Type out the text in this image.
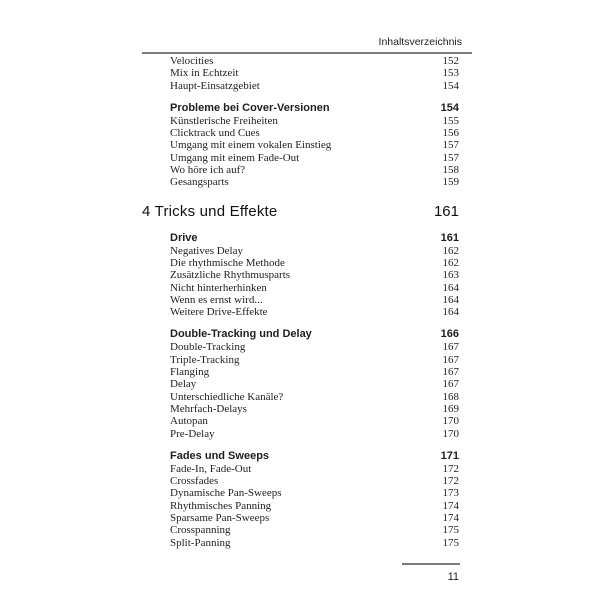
Inhaltsverzeichnis
Velocities	152
Mix in Echtzeit	153
Haupt-Einsatzgebiet	154
Probleme bei Cover-Versionen	154
Künstlerische Freiheiten	155
Clicktrack und Cues	156
Umgang mit einem vokalen Einstieg	157
Umgang mit einem Fade-Out	157
Wo höre ich auf?	158
Gesangsparts	159
4 Tricks und Effekte	161
Drive	161
Negatives Delay	162
Die rhythmische Methode	162
Zusätzliche Rhythmusparts	163
Nicht hinterherhinken	164
Wenn es ernst wird...	164
Weitere Drive-Effekte	164
Double-Tracking und Delay	166
Double-Tracking	167
Triple-Tracking	167
Flanging	167
Delay	167
Unterschiedliche Kanäle?	168
Mehrfach-Delays	169
Autopan	170
Pre-Delay	170
Fades und Sweeps	171
Fade-In, Fade-Out	172
Crossfades	172
Dynamische Pan-Sweeps	173
Rhythmisches Panning	174
Sparsame Pan-Sweeps	174
Crosspanning	175
Split-Panning	175
11
